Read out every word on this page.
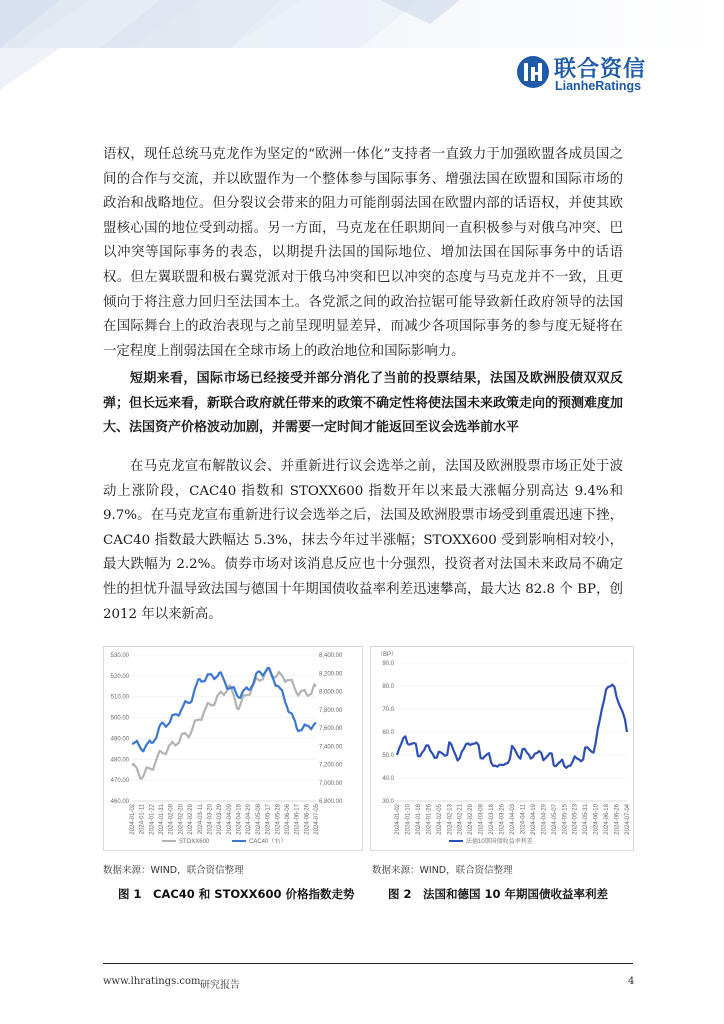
联合资信
LianheRatings
语权，现任总统马克龙作为坚定的“欧洲一体化”支持者一直致力于加强欧盟各成员国之间的合作与交流，并以欧盟作为一个整体参与国际事务、增强法国在欧盟和国际市场的政治和战略地位。但分裂议会带来的阻力可能削弱法国在欧盟内部的话语权，并使其欧盟核心国的地位受到动摇。另一方面，马克龙在任职期间一直积极参与对俄乌冲突、巴以冲突等国际事务的表态，以期提升法国的国际地位、增加法国在国际事务中的话语权。但左翼联盟和极右翼党派对于俄乌冲突和巴以冲突的态度与马克龙并不一致，且更倾向于将注意力回归至法国本土。各党派之间的政治拉锯可能导致新任政府领导的法国在国际舞台上的政治表现与之前呈现明显差异，而减少各项国际事务的参与度无疑将在一定程度上削弱法国在全球市场上的政治地位和国际影响力。
短期来看，国际市场已经接受并部分消化了当前的投票结果，法国及欧洲股债双双反弹；但长远来看，新联合政府就任带来的政策不确定性将使法国未来政策走向的预测难度加大、法国资产价格波动加剧，并需要一定时间才能返回至议会选举前水平
在马克龙宣布解散议会、并重新进行议会选举之前，法国及欧洲股票市场正处于波动上涨阶段，CAC40 指数和 STOXX600 指数开年以来最大涨幅分别高达 9.4%和9.7%。在马克龙宣布重新进行议会选举之后，法国及欧洲股票市场受到重震迅速下挫，CAC40 指数最大跌幅达 5.3%，抹去今年过半涨幅；STOXX600 受到影响相对较小，最大跌幅为 2.2%。债券市场对该消息反应也十分强烈，投资者对法国未来政局不确定性的担忧升温导致法国与德国十年期国债收益率利差迅速攀高，最大达 82.8 个 BP，创 2012 年以来新高。
460.00
470.00
480.00
490.00
500.00
510.00
520.00
530.00
6,800.00
7,000.00
7,200.00
7,400.00
7,600.00
7,800.00
8,000.00
8,200.00
8,400.00
2024-01-02 2024-01-11 2024-01-22 2024-01-31 2024-02-09 2024-02-20 2024-02-29 2024-03-11 2024-03-20 2024-03-29 2024-04-09 2024-04-18 2024-04-29 2024-05-08 2024-05-17 2024-05-28 2024-06-06 2024-06-17 2024-06-26 2024-07-05
STOXX600	CAC40（右）
（BP）
30.0
40.0
50.0
60.0
70.0
80.0
90.0
2024-01-02 2024-01-10 2024-01-18 2024-01-26 2024-02-05 2024-02-13 2024-02-21 2024-02-29 2024-03-08 2024-03-18 2024-03-26 2024-04-03 2024-04-11 2024-04-19 2024-04-29 2024-05-07 2024-05-15 2024-05-23 2024-05-31 2024-06-10 2024-06-18 2024-06-26 2024-07-04
法德10期国债收益率利差
数据来源：WIND，联合资信整理	数据来源：WIND，联合资信整理
图 1　CAC40 和 STOXX600 价格指数走势	图 2　法国和德国 10 年期国债收益率利差
www.lhratings.com 研究报告	4
